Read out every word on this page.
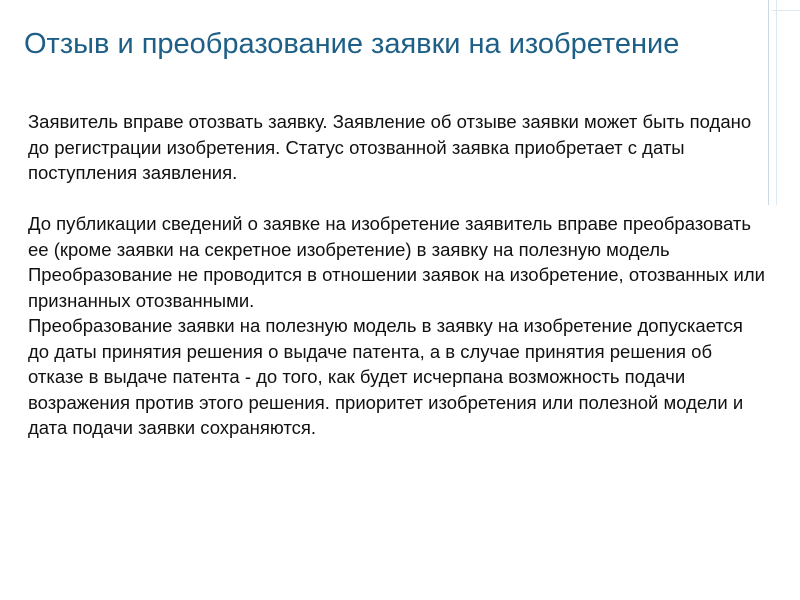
Отзыв и преобразование заявки на изобретение

Заявитель вправе отозвать заявку. Заявление об отзыве заявки может быть подано до регистрации изобретения. Статус отозванной заявка приобретает с даты поступления заявления.

До публикации сведений о заявке на изобретение заявитель вправе преобразовать ее (кроме заявки на секретное изобретение) в заявку на полезную модель

Преобразование не проводится в отношении заявок на изобретение, отозванных или признанных отозванными.

Преобразование заявки на полезную модель в заявку на изобретение допускается до даты принятия решения о выдаче патента, а в случае принятия решения об отказе в выдаче патента - до того, как будет исчерпана возможность подачи возражения против этого решения. приоритет изобретения или полезной модели и дата подачи заявки сохраняются.
